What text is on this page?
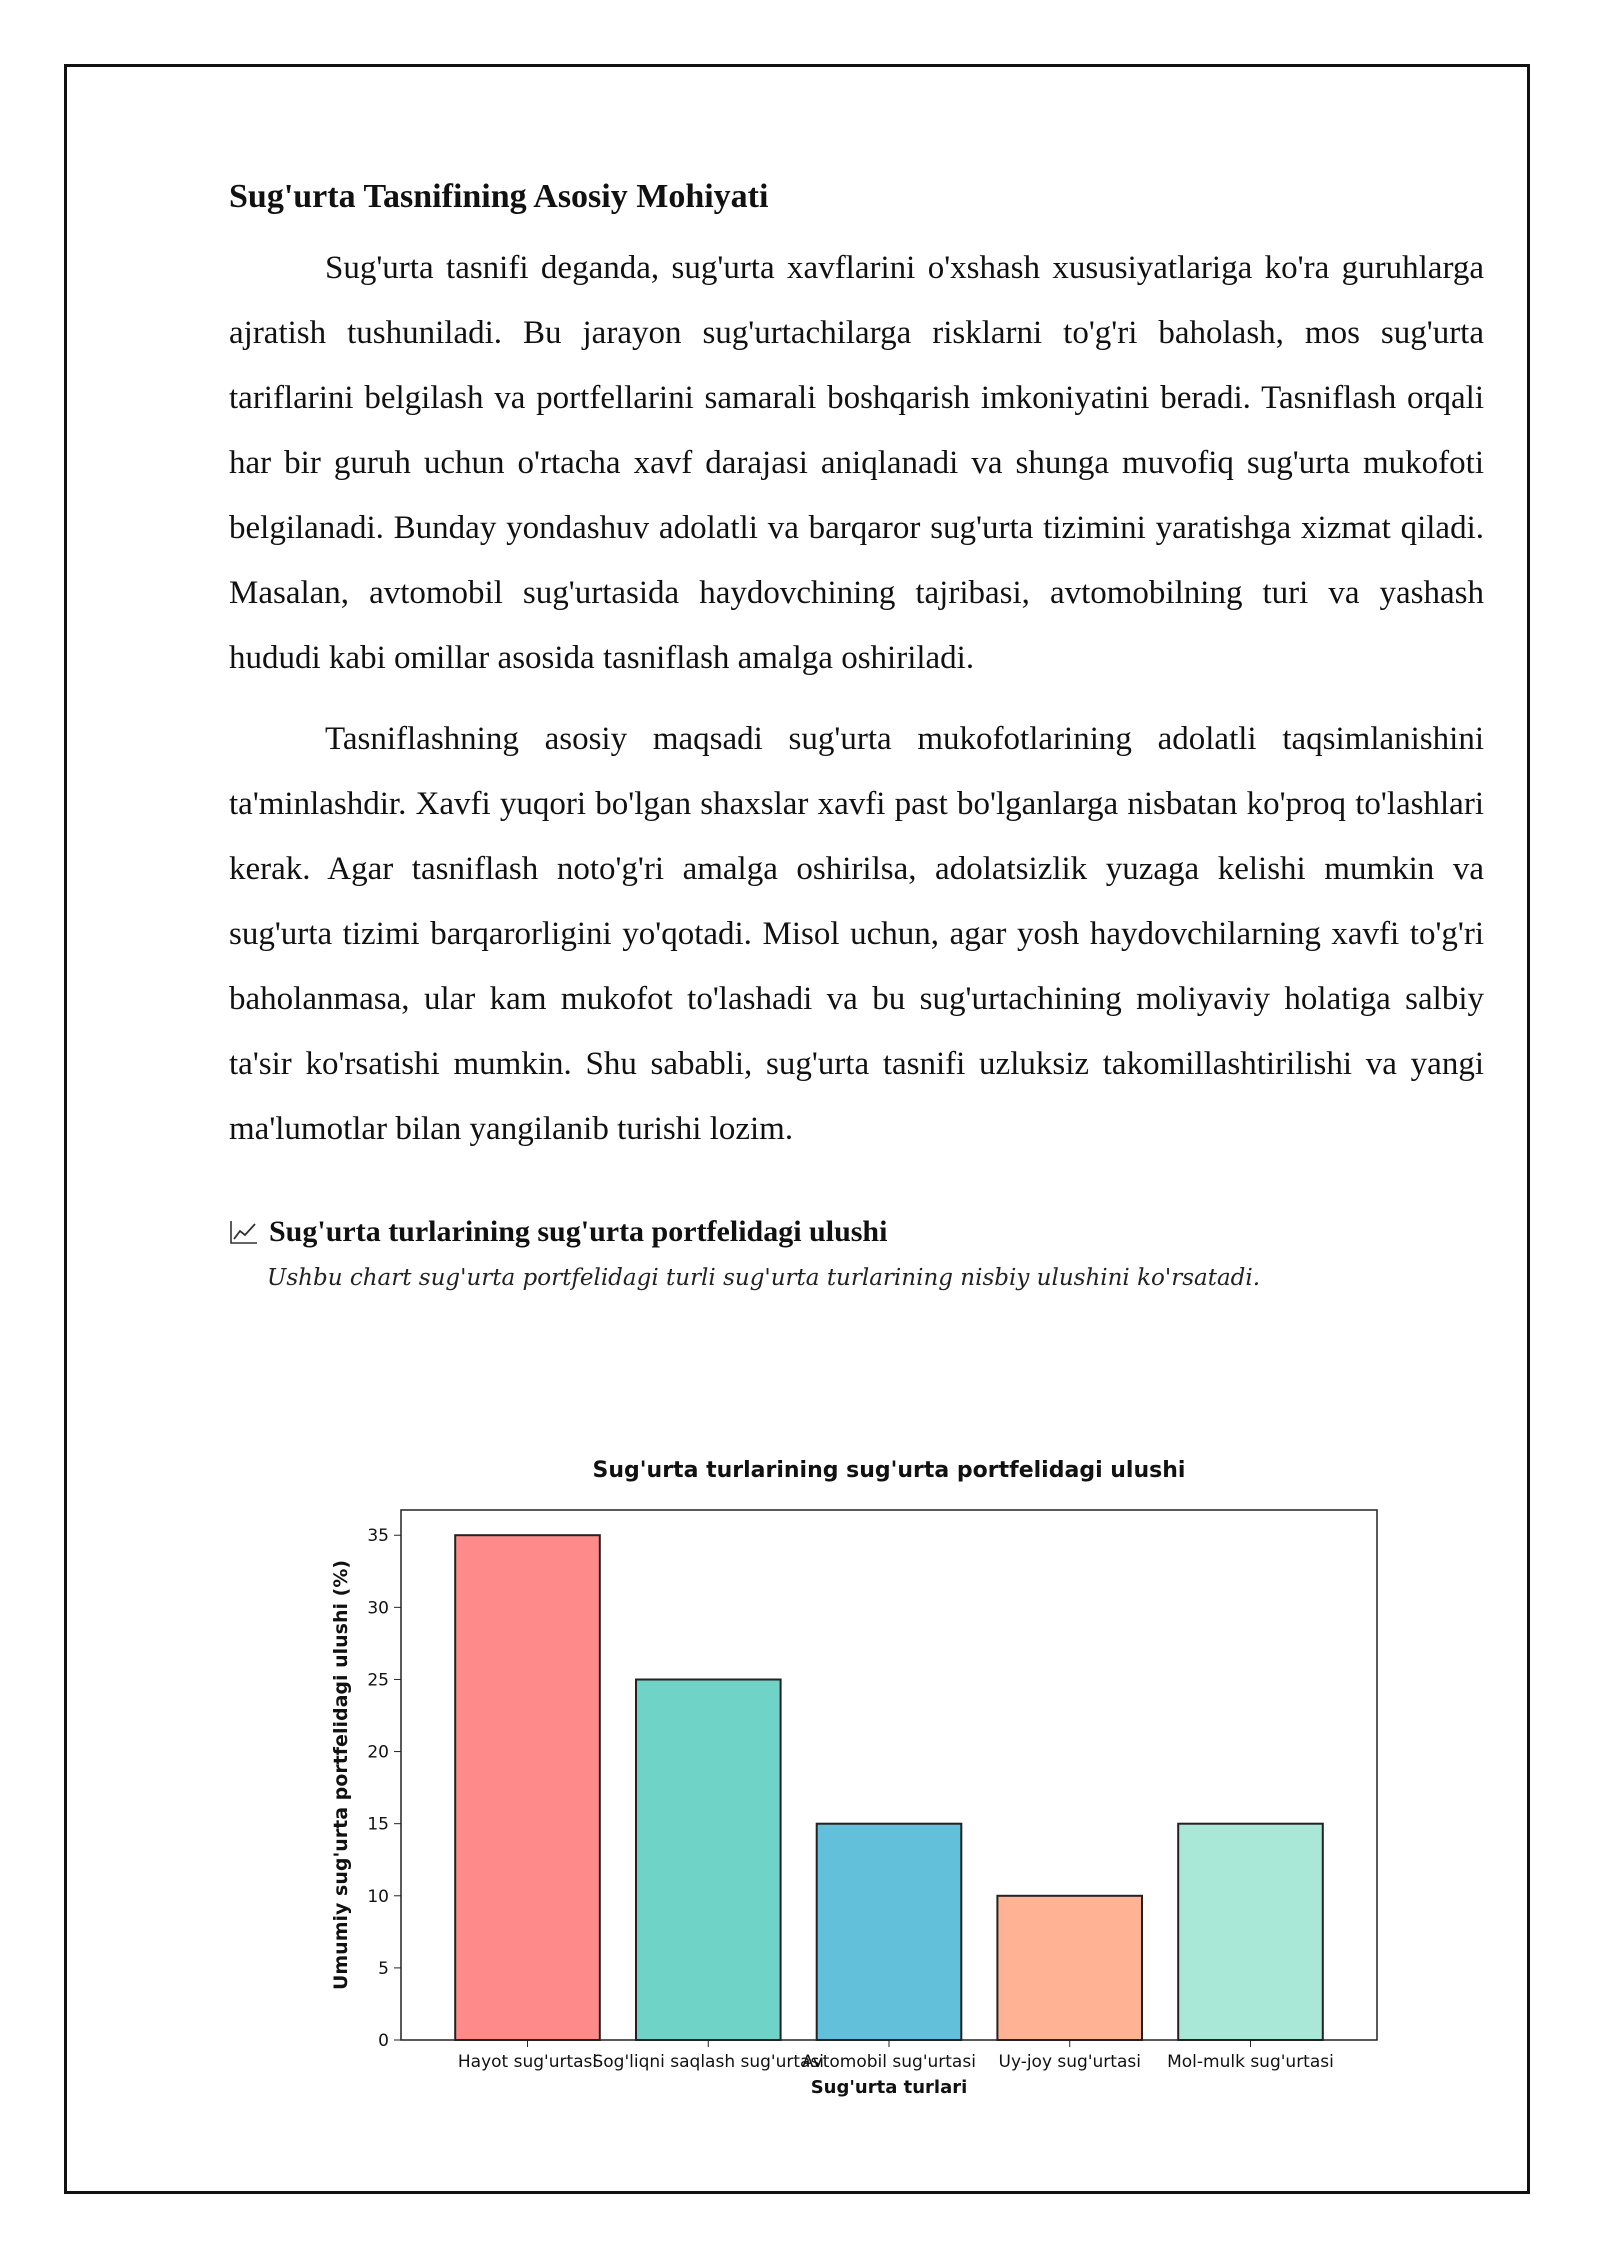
Sug'urta Tasnifining Asosiy Mohiyati

Sug'urta tasnifi deganda, sug'urta xavflarini o'xshash xususiyatlariga ko'ra guruhlarga ajratish tushuniladi. Bu jarayon sug'urtachilarga risklarni to'g'ri baholash, mos sug'urta tariflarini belgilash va portfellarini samarali boshqarish imkoniyatini beradi. Tasniflash orqali har bir guruh uchun o'rtacha xavf darajasi aniqlanadi va shunga muvofiq sug'urta mukofoti belgilanadi. Bunday yondashuv adolatli va barqaror sug'urta tizimini yaratishga xizmat qiladi. Masalan, avtomobil sug'urtasida haydovchining tajribasi, avtomobilning turi va yashash hududi kabi omillar asosida tasniflash amalga oshiriladi.

Tasniflashning asosiy maqsadi sug'urta mukofotlarining adolatli taqsimlanishini ta'minlashdir. Xavfi yuqori bo'lgan shaxslar xavfi past bo'lganlarga nisbatan ko'proq to'lashlari kerak. Agar tasniflash noto'g'ri amalga oshirilsa, adolatsizlik yuzaga kelishi mumkin va sug'urta tizimi barqarorligini yo'qotadi. Misol uchun, agar yosh haydovchilarning xavfi to'g'ri baholanmasa, ular kam mukofot to'lashadi va bu sug'urtachining moliyaviy holatiga salbiy ta'sir ko'rsatishi mumkin. Shu sababli, sug'urta tasnifi uzluksiz takomillashtirilishi va yangi ma'lumotlar bilan yangilanib turishi lozim.

Sug'urta turlarining sug'urta portfelidagi ulushi
Ushbu chart sug'urta portfelidagi turli sug'urta turlarining nisbiy ulushini ko'rsatadi.
Sug'urta turlarining sug'urta portfelidagi ulushi
Hayot sug'urtasi
Sog'liqni saqlash sug'urtasi
Avtomobil sug'urtasi Uy-joy sug'urtasi Mol-mulk sug'urtasi
0
5
10
15
20
25
30
35
Sug'urta turlari
Umumiy sug'urta portfelidagi ulushi (%)
